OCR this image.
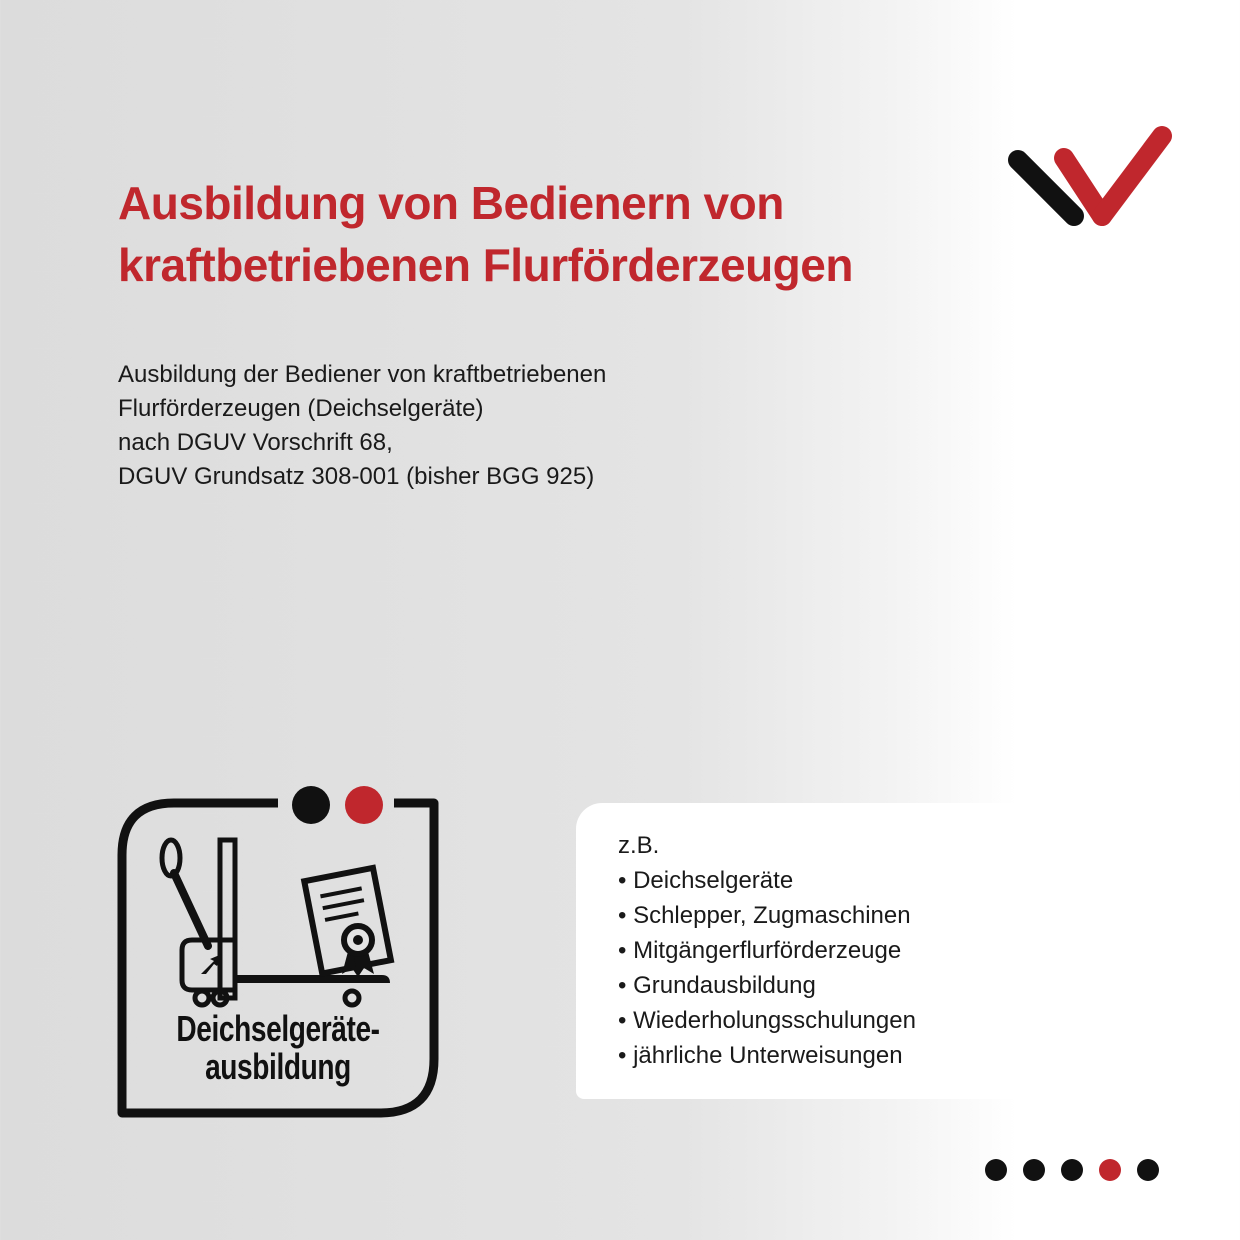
Ausbildung von Bedienern von
kraftbetriebenen Flurförderzeugen
Ausbildung der Bediener von kraftbetriebenen
Flurförderzeugen (Deichselgeräte)
nach DGUV Vorschrift 68,
DGUV Grundsatz 308-001 (bisher BGG 925)
Deichselgeräte-
ausbildung
z.B.
• Deichselgeräte
• Schlepper, Zugmaschinen
• Mitgängerflurförderzeuge
• Grundausbildung
• Wiederholungsschulungen
• jährliche Unterweisungen
